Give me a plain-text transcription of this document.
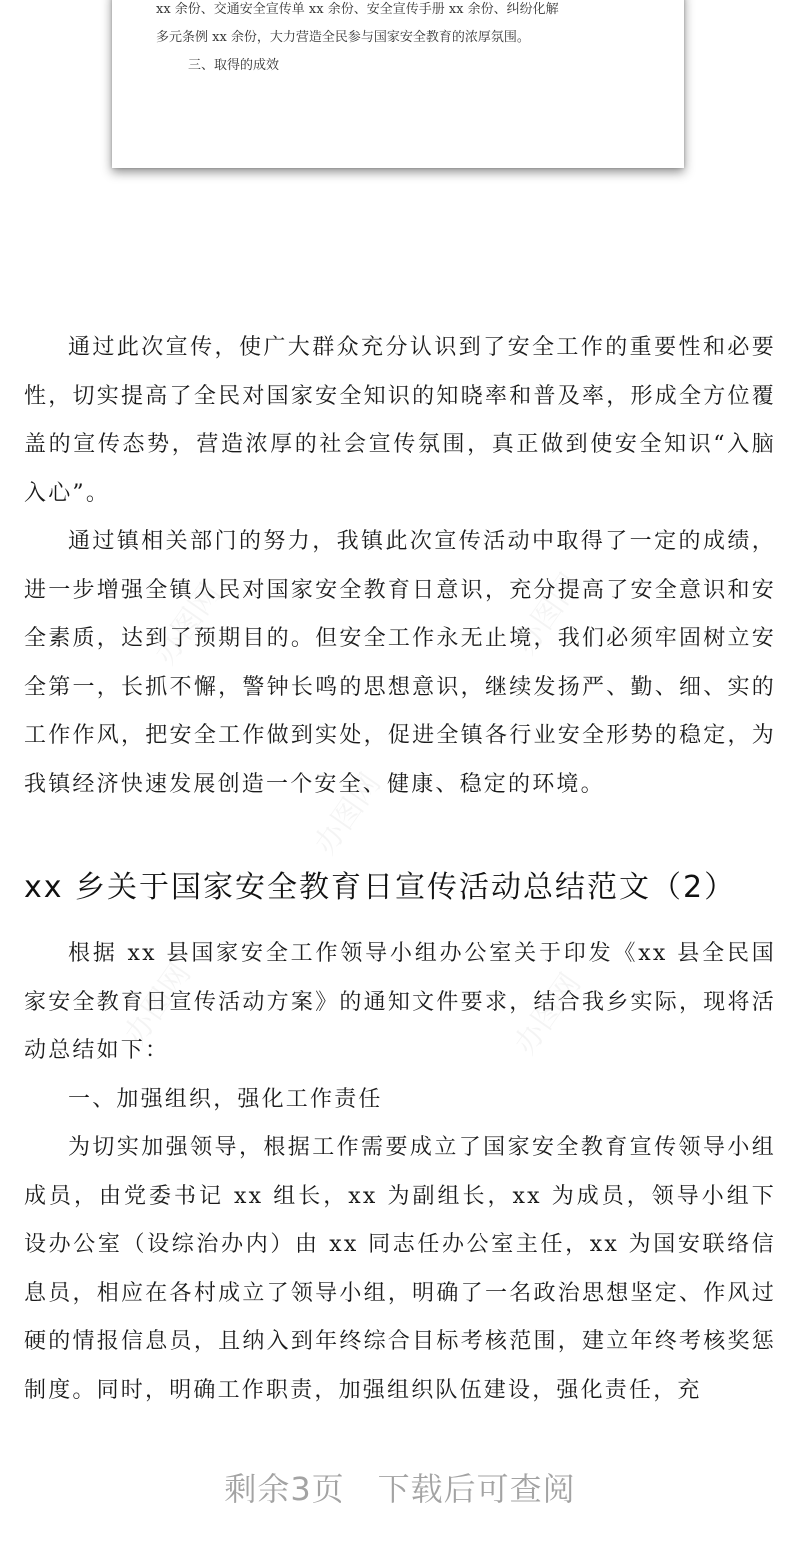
xx 余份、交通安全宣传单 xx 余份、安全宣传手册 xx 余份、纠纷化解

多元条例 xx 余份，大力营造全民参与国家安全教育的浓厚氛围。

三、取得的成效

通过此次宣传，使广大群众充分认识到了安全工作的重要性和必要性，切实提高了全民对国家安全知识的知晓率和普及率，形成全方位覆盖的宣传态势，营造浓厚的社会宣传氛围，真正做到使安全知识“入脑入心”。

通过镇相关部门的努力，我镇此次宣传活动中取得了一定的成绩，进一步增强全镇人民对国家安全教育日意识，充分提高了安全意识和安全素质，达到了预期目的。但安全工作永无止境，我们必须牢固树立安全第一，长抓不懈，警钟长鸣的思想意识，继续发扬严、勤、细、实的工作作风，把安全工作做到实处，促进全镇各行业安全形势的稳定，为我镇经济快速发展创造一个安全、健康、稳定的环境。

xx 乡关于国家安全教育日宣传活动总结范文（2）

根据 xx 县国家安全工作领导小组办公室关于印发《xx 县全民国家安全教育日宣传活动方案》的通知文件要求，结合我乡实际，现将活动总结如下：

一、加强组织，强化工作责任

为切实加强领导，根据工作需要成立了国家安全教育宣传领导小组成员，由党委书记 xx 组长，xx 为副组长，xx 为成员，领导小组下设办公室（设综治办内）由 xx 同志任办公室主任，xx 为国安联络信息员，相应在各村成立了领导小组，明确了一名政治思想坚定、作风过硬的情报信息员，且纳入到年终综合目标考核范围，建立年终考核奖惩制度。同时，明确工作职责，加强组织队伍建设，强化责任，充

剩余3页　下载后可查阅
